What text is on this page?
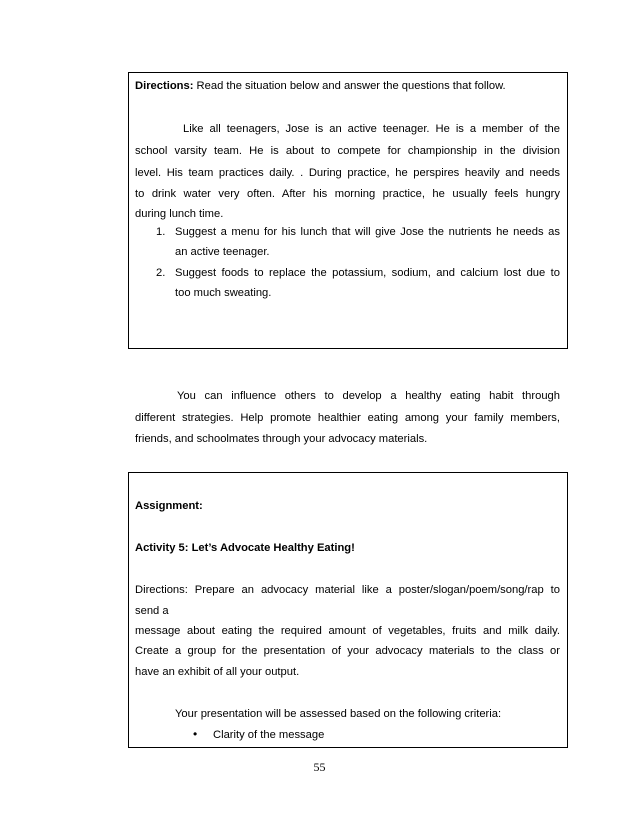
Directions: Read the situation below and answer the questions that follow.
Like all teenagers, Jose is an active teenager. He is a member of the
school varsity team. He is about to compete for championship in the division
level. His team practices daily. . During practice, he perspires heavily and needs
to drink water very often. After his morning practice, he usually feels hungry
during lunch time.
1. Suggest a menu for his lunch that will give Jose the nutrients he needs as
an active teenager.
2. Suggest foods to replace the potassium, sodium, and calcium lost due to
too much sweating.
You can influence others to develop a healthy eating habit through
different strategies. Help promote healthier eating among your family members,
friends, and schoolmates through your advocacy materials.
Assignment:
Activity 5: Let’s Advocate Healthy Eating!
Directions: Prepare an advocacy material like a poster/slogan/poem/song/rap to
send a
message about eating the required amount of vegetables, fruits and milk daily.
Create a group for the presentation of your advocacy materials to the class or
have an exhibit of all your output.
Your presentation will be assessed based on the following criteria:
• Clarity of the message
55
